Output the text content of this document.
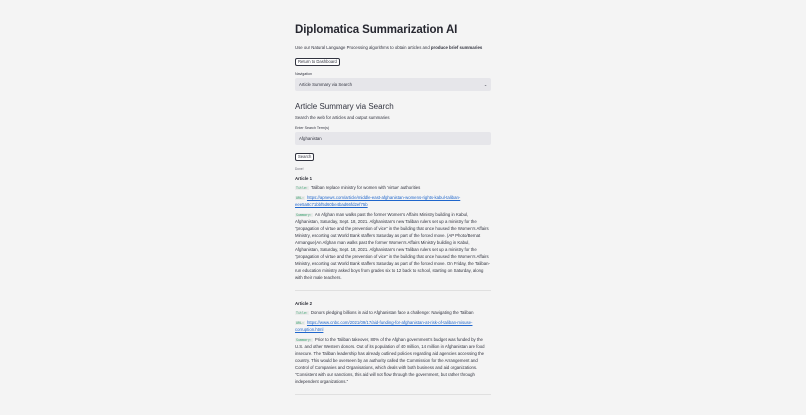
Diplomatica Summarization AI
Use our Natural Language Processing algorithms to obtain articles and produce brief summaries
Return to Dashboard
Navigation
Article Summary via Search	⌄
Article Summary via Search
Search the web for articles and output summaries
Enter Search Term(s)
Afghanistan
Search
Done!
Article 1
Title: Taliban replace ministry for women with 'virtue' authorities
URL: https://apnews.com/article/middle-east-afghanistan-womens-rights-kabul-taliban-eee5a8c71bbf5d60be4bad66fd2ef75b
Summary: An Afghan man walks past the former Women's Affairs Ministry building in Kabul, Afghanistan, Saturday, Sept. 18, 2021. Afghanistan's new Taliban rulers set up a ministry for the "propagation of virtue and the prevention of vice" in the building that once housed the Women's Affairs Ministry, escorting out World Bank staffers Saturday as part of the forced move. (AP Photo/Bernat Armangue)An Afghan man walks past the former Women's Affairs Ministry building in Kabul, Afghanistan, Saturday, Sept. 18, 2021. Afghanistan's new Taliban rulers set up a ministry for the "propagation of virtue and the prevention of vice" in the building that once housed the Women's Affairs Ministry, escorting out World Bank staffers Saturday as part of the forced move. On Friday, the Taliban-run education ministry asked boys from grades six to 12 back to school, starting on Saturday, along with their male teachers.
Article 2
Title: Donors pledging billions in aid to Afghanistan face a challenge: Navigating the Taliban
URL: https://www.cnbc.com/2021/09/17/aid-funding-for-afghanistan-at-risk-of-taliban-misuse-corruption.html
Summary: Prior to the Taliban takeover, 80% of the Afghan government's budget was funded by the U.S. and other Western donors. Out of its population of 40 million, 14 million in Afghanistan are food insecure. The Taliban leadership has already outlined policies regarding aid agencies accessing the country. This would be overseen by an authority called the Commission for the Arrangement and Control of Companies and Organisations, which deals with both business and aid organizations. "Consistent with our sanctions, this aid will not flow through the government, but rather through independent organizations."
